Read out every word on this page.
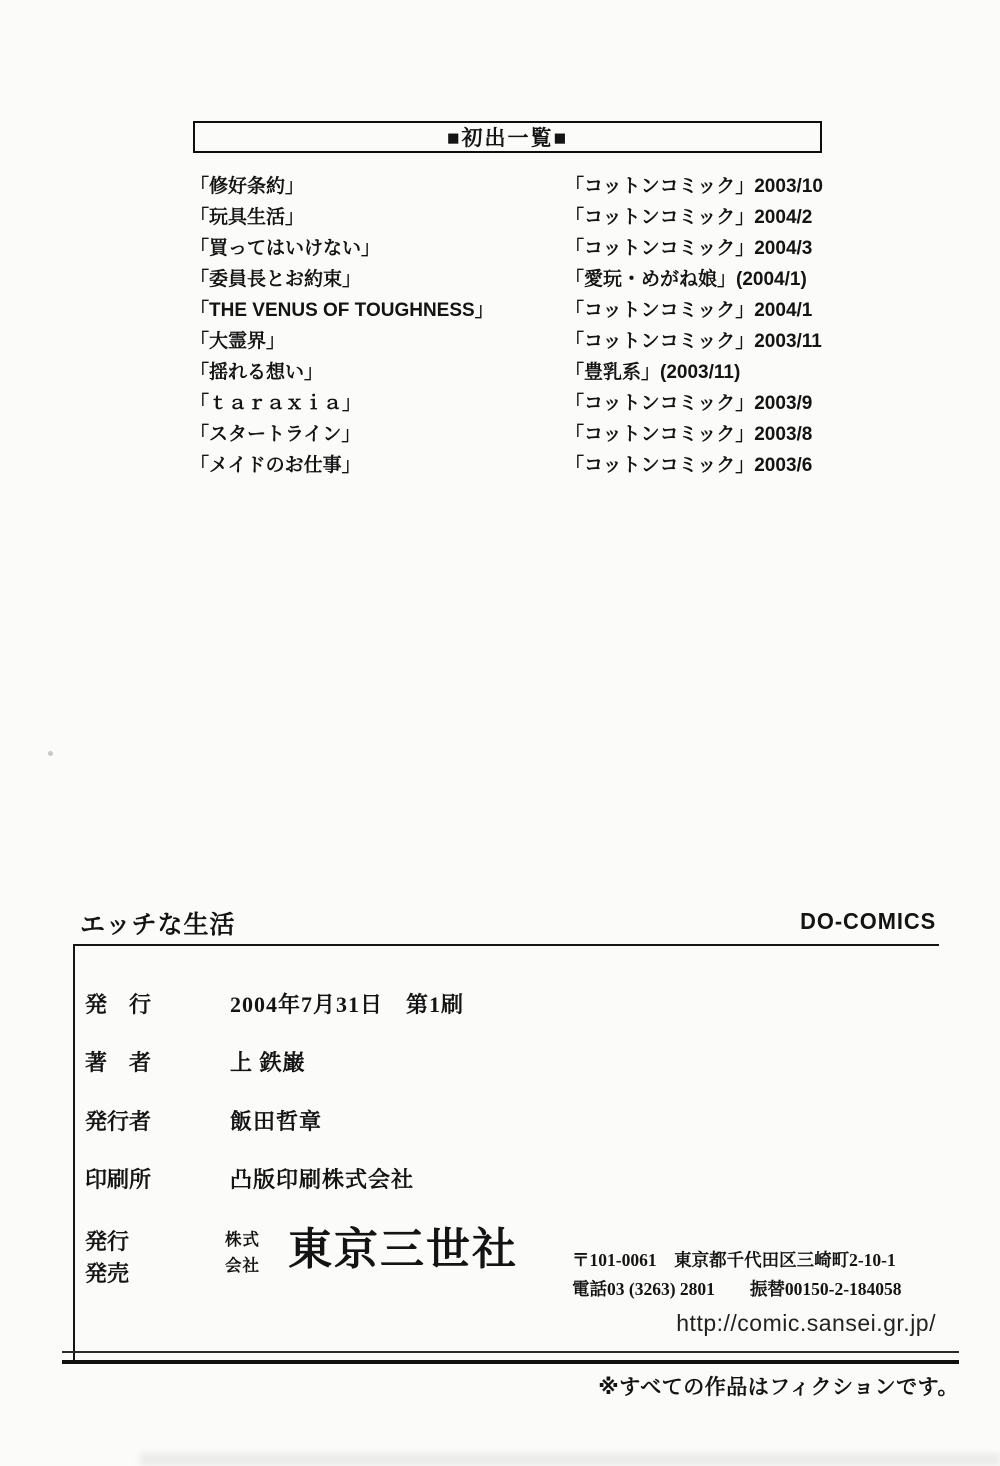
■初出一覧■
「修好条約」	「コットンコミック」2003/10
「玩具生活」	「コットンコミック」2004/2
「買ってはいけない」	「コットンコミック」2004/3
「委員長とお約束」	「愛玩・めがね娘」(2004/1)
「THE VENUS OF TOUGHNESS」	「コットンコミック」2004/1
「大霊界」	「コットンコミック」2003/11
「揺れる想い」	「豊乳系」(2003/11)
「ｔａｒａｘｉａ」	「コットンコミック」2003/9
「スタートライン」	「コットンコミック」2003/8
「メイドのお仕事」	「コットンコミック」2003/6
エッチな生活	DO-COMICS
発　行	2004年7月31日　第1刷
著　者	上 鉄巌
発行者	飯田哲章
印刷所	凸版印刷株式会社
発行
発売
株式
会社 東京三世社	〒101-0061　東京都千代田区三崎町2-10-1
電話03 (3263) 2801　　振替00150-2-184058
http://comic.sansei.gr.jp/
※すべての作品はフィクションです。
